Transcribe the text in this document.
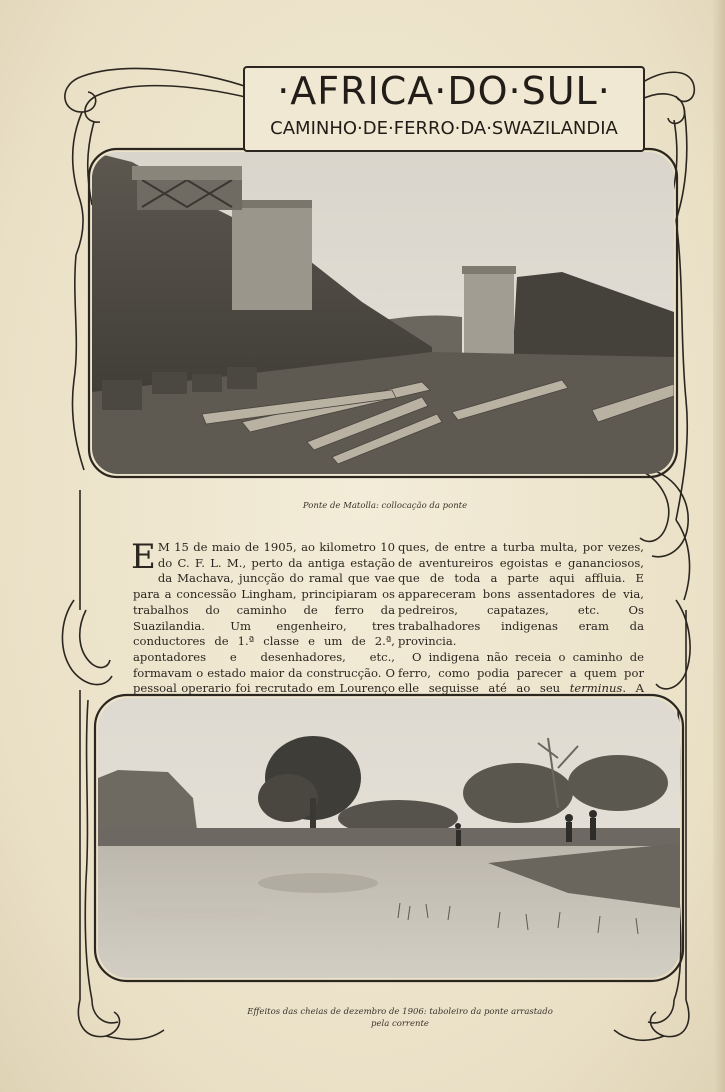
·AFRICA·DO·SUL·
CAMINHO·DE·FERRO·DA·SWAZILANDIA
Ponte de Matolla: collocação da ponte

E M 15 de maio de 1905, ao kilometro 10 do C. F. L. M., perto da antiga estação da Machava, juncção do ramal que vae para a concessão Lingham, principiaram os trabalhos do caminho de ferro da Suazilandia. Um engenheiro, tres conductores de 1.ª classe e um de 2.ª, apontadores e desenhadores, etc., formavam o estado maior da construcção. O pessoal operario foi recrutado em Lourenço

ques, de entre a turba multa, por vezes, de aventureiros egoistas e gananciosos, que de toda a parte aqui affluia. E appareceram bons assentadores de via, pedreiros, capatazes, etc. Os trabalhadores indigenas eram da provincia.

O indigena não receia o caminho de ferro, como podia parecer a quem por elle seguisse até ao seu terminus. A

Effeitos das cheias de dezembro de 1906: taboleiro da ponte arrastado
pela corrente
